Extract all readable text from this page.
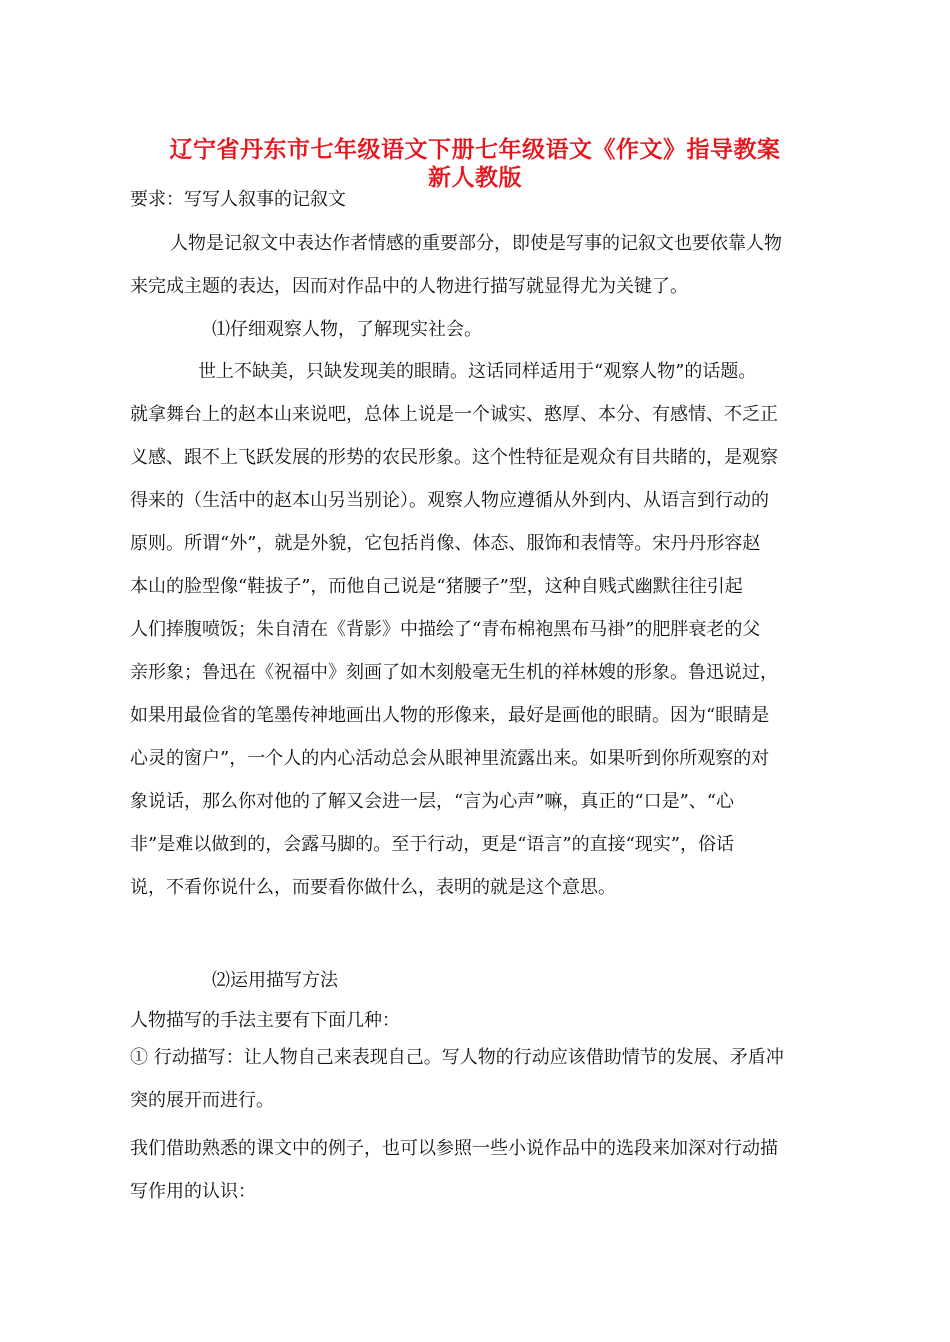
辽宁省丹东市七年级语文下册七年级语文《作文》指导教案
新人教版
要求：写写人叙事的记叙文
人物是记叙文中表达作者情感的重要部分，即使是写事的记叙文也要依靠人物
来完成主题的表达，因而对作品中的人物进行描写就显得尤为关键了。
⑴仔细观察人物，了解现实社会。
世上不缺美，只缺发现美的眼睛。这话同样适用于“观察人物”的话题。
就拿舞台上的赵本山来说吧，总体上说是一个诚实、憨厚、本分、有感情、不乏正
义感、跟不上飞跃发展的形势的农民形象。这个性特征是观众有目共睹的，是观察
得来的（生活中的赵本山另当别论）。观察人物应遵循从外到内、从语言到行动的
原则。所谓“外”，就是外貌，它包括肖像、体态、服饰和表情等。宋丹丹形容赵
本山的脸型像“鞋拔子”，而他自己说是“猪腰子”型，这种自贱式幽默往往引起
人们捧腹喷饭；朱自清在《背影》中描绘了“青布棉袍黑布马褂”的肥胖衰老的父
亲形象；鲁迅在《祝福中》刻画了如木刻般毫无生机的祥林嫂的形象。鲁迅说过，
如果用最俭省的笔墨传神地画出人物的形像来，最好是画他的眼睛。因为“眼睛是
心灵的窗户”，一个人的内心活动总会从眼神里流露出来。如果听到你所观察的对
象说话，那么你对他的了解又会进一层，“言为心声”嘛，真正的“口是”、“心
非”是难以做到的，会露马脚的。至于行动，更是“语言”的直接“现实”，俗话
说，不看你说什么，而要看你做什么，表明的就是这个意思。
⑵运用描写方法
人物描写的手法主要有下面几种：
① 行动描写：让人物自己来表现自己。写人物的行动应该借助情节的发展、矛盾冲
突的展开而进行。
我们借助熟悉的课文中的例子，也可以参照一些小说作品中的选段来加深对行动描
写作用的认识：
